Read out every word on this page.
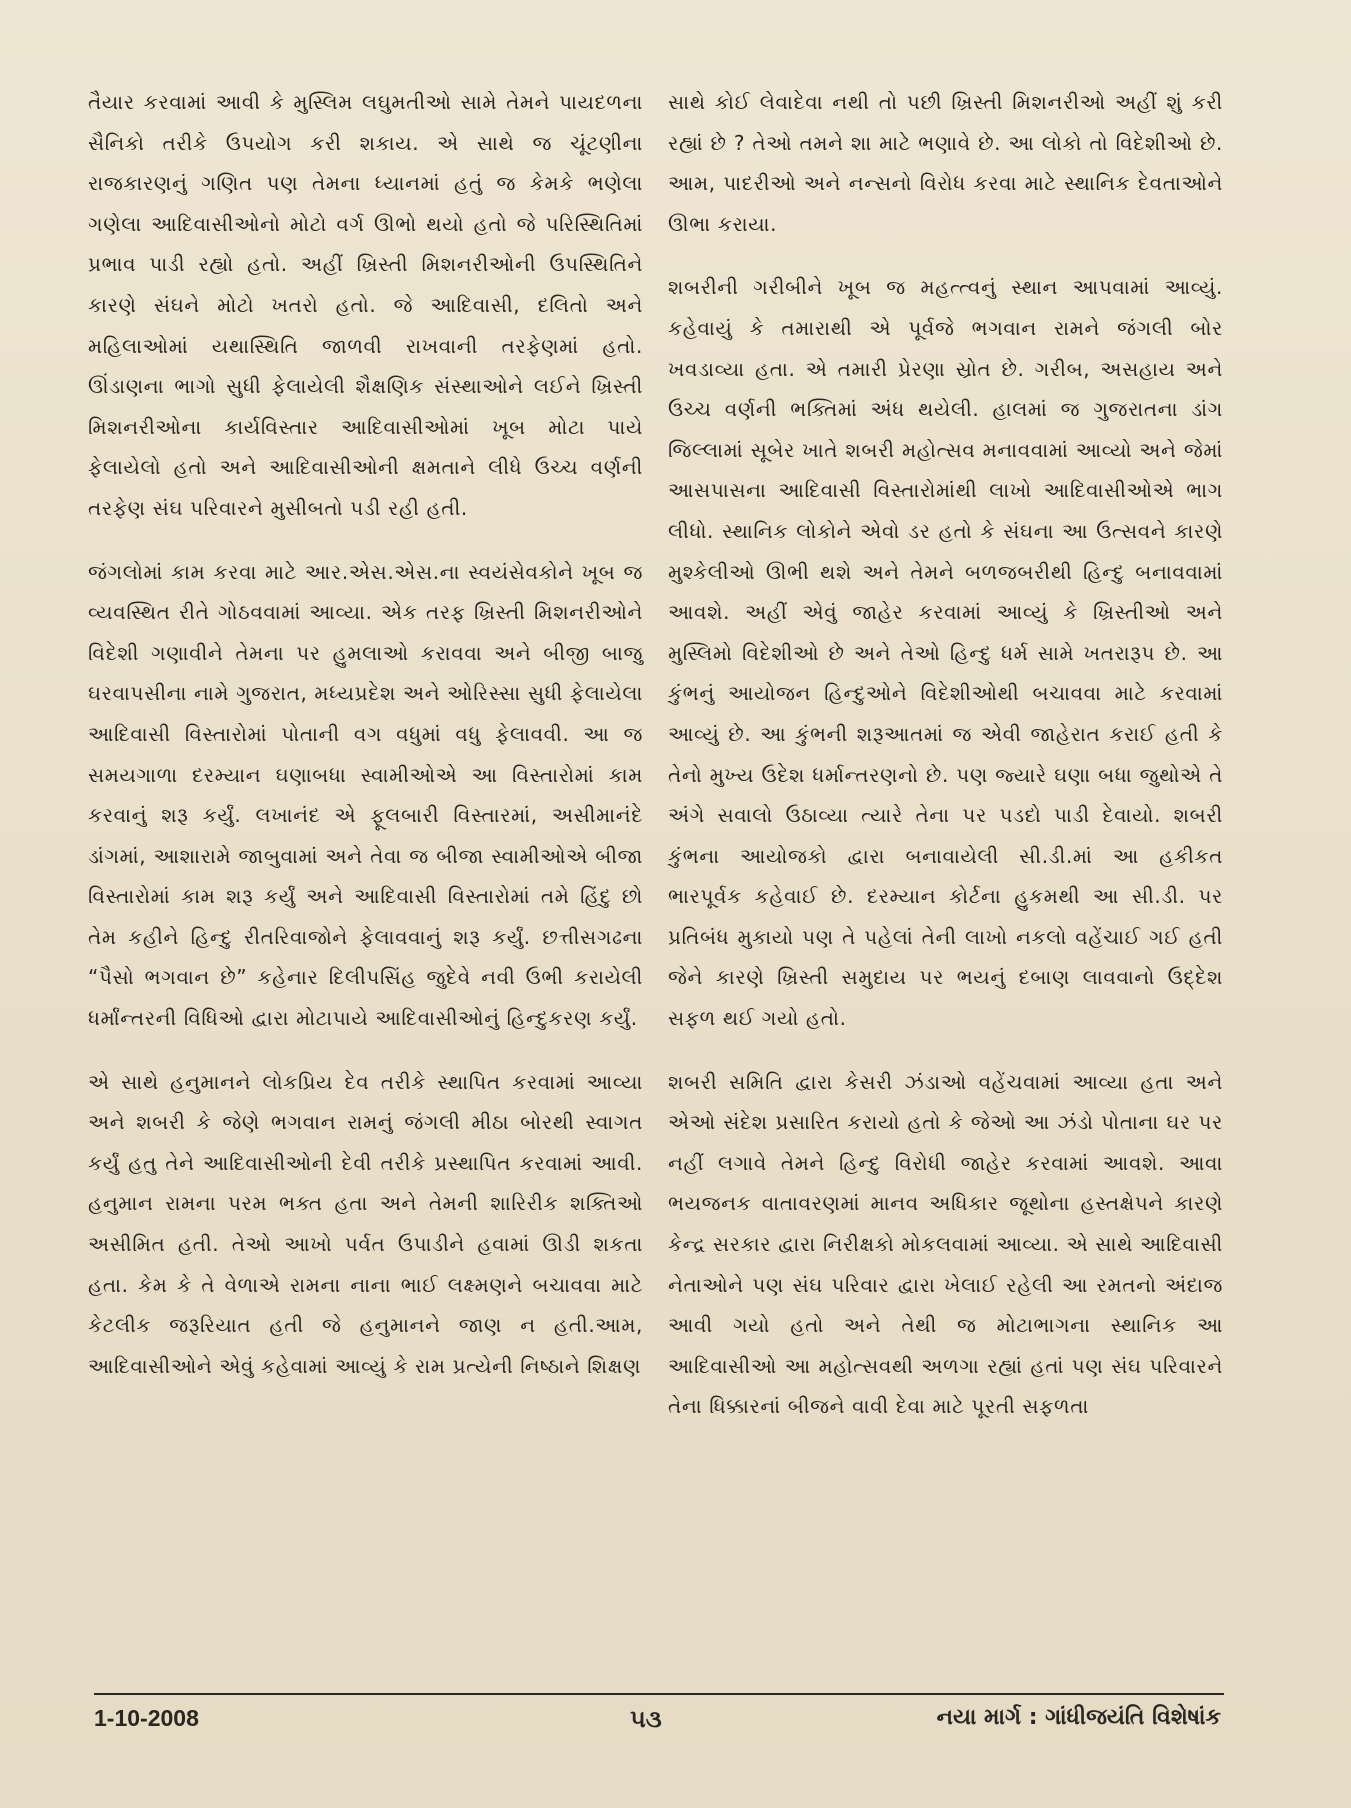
તૈયાર કરવામાં આવી કે મુસ્લિમ લઘુમતીઓ સામે તેમને પાયદળના સૈનિકો તરીકે ઉપયોગ કરી શકાય. એ સાથે જ ચૂંટણીના રાજકારણનું ગણિત પણ તેમના ધ્યાનમાં હતું જ કેમકે ભણેલા ગણેલા આદિવાસીઓનો મોટો વર્ગ ઊભો થયો હતો જે પરિસ્થિતિમાં પ્રભાવ પાડી રહ્યો હતો. અહીં ખ્રિસ્તી મિશનરીઓની ઉપસ્થિતિને કારણે સંઘને મોટો ખતરો હતો. જે આદિવાસી, દલિતો અને મહિલાઓમાં યથાસ્થિતિ જાળવી રાખવાની તરફેણમાં હતો. ઊંડાણના ભાગો સુધી ફેલાયેલી શૈક્ષણિક સંસ્થાઓને લઈને ખ્રિસ્તી મિશનરીઓના કાર્યવિસ્તાર આદિવાસીઓમાં ખૂબ મોટા પાયે ફેલાયેલો હતો અને આદિવાસીઓની ક્ષમતાને લીધે ઉચ્ચ વર્ણની તરફેણ સંઘ પરિવારને મુસીબતો પડી રહી હતી.

જંગલોમાં કામ કરવા માટે આર.એસ.એસ.ના સ્વયંસેવકોને ખૂબ જ વ્યવસ્થિત રીતે ગોઠવવામાં આવ્યા. એક તરફ ખ્રિસ્તી મિશનરીઓને વિદેશી ગણાવીને તેમના પર હુમલાઓ કરાવવા અને બીજી બાજુ ઘરવાપસીના નામે ગુજરાત, મધ્યપ્રદેશ અને ઓરિસ્સા સુધી ફેલાયેલા આદિવાસી વિસ્તારોમાં પોતાની વગ વધુમાં વધુ ફેલાવવી. આ જ સમયગાળા દરમ્યાન ઘણાબધા સ્વામીઓએ આ વિસ્તારોમાં કામ કરવાનું શરૂ કર્યું. લખાનંદ એ ફૂલબારી વિસ્તારમાં, અસીમાનંદે ડાંગમાં, આશારામે જાબુવામાં અને તેવા જ બીજા સ્વામીઓએ બીજા વિસ્તારોમાં કામ શરૂ કર્યું અને આદિવાસી વિસ્તારોમાં તમે હિંદુ છો તેમ કહીને હિન્દુ રીતરિવાજોને ફેલાવવાનું શરૂ કર્યું. છત્તીસગઢના “પૈસો ભગવાન છે” કહેનાર દિલીપસિંહ જુદેવે નવી ઉભી કરાયેલી ધર્માંન્તરની વિધિઓ દ્વારા મોટાપાયે આદિવાસીઓનું હિન્દુકરણ કર્યું.

એ સાથે હનુમાનને લોકપ્રિય દેવ તરીકે સ્થાપિત કરવામાં આવ્યા અને શબરી કે જેણે ભગવાન રામનું જંગલી મીઠા બોરથી સ્વાગત કર્યું હતુ તેને આદિવાસીઓની દેવી તરીકે પ્રસ્થાપિત કરવામાં આવી. હનુમાન રામના પરમ ભક્ત હતા અને તેમની શારિરીક શક્તિઓ અસીમિત હતી. તેઓ આખો પર્વત ઉપાડીને હવામાં ઊડી શકતા હતા. કેમ કે તે વેળાએ રામના નાના ભાઈ લક્ષ્મણને બચાવવા માટે કેટલીક જરૂરિયાત હતી જે હનુમાનને જાણ ન હતી.આમ, આદિવાસીઓને એવું કહેવામાં આવ્યું કે રામ પ્રત્યેની નિષ્ઠાને શિક્ષણ

સાથે કોઈ લેવાદેવા નથી તો પછી ખ્રિસ્તી મિશનરીઓ અહીં શું કરી રહ્યાં છે ? તેઓ તમને શા માટે ભણાવે છે. આ લોકો તો વિદેશીઓ છે. આમ, પાદરીઓ અને નન્સનો વિરોધ કરવા માટે સ્થાનિક દેવતાઓને ઊભા કરાયા.

શબરીની ગરીબીને ખૂબ જ મહત્ત્વનું સ્થાન આપવામાં આવ્યું. કહેવાયું કે તમારાથી એ પૂર્વજે ભગવાન રામને જંગલી બોર ખવડાવ્યા હતા. એ તમારી પ્રેરણા સ્રોત છે. ગરીબ, અસહાય અને ઉચ્ચ વર્ણની ભક્તિમાં અંધ થયેલી. હાલમાં જ ગુજરાતના ડાંગ જિલ્લામાં સૂબેર ખાતે શબરી મહોત્સવ મનાવવામાં આવ્યો અને જેમાં આસપાસના આદિવાસી વિસ્તારોમાંથી લાખો આદિવાસીઓએ ભાગ લીધો. સ્થાનિક લોકોને એવો ડર હતો કે સંઘના આ ઉત્સવને કારણે મુશ્કેલીઓ ઊભી થશે અને તેમને બળજબરીથી હિન્દુ બનાવવામાં આવશે. અહીં એવું જાહેર કરવામાં આવ્યું કે ખ્રિસ્તીઓ અને મુસ્લિમો વિદેશીઓ છે અને તેઓ હિન્દુ ધર્મ સામે ખતરારૂપ છે. આ કુંભનું આયોજન હિન્દુઓને વિદેશીઓથી બચાવવા માટે કરવામાં આવ્યું છે. આ કુંભની શરૂઆતમાં જ એવી જાહેરાત કરાઈ હતી કે તેનો મુખ્ય ઉદેશ ધર્માન્તરણનો છે. પણ જ્યારે ઘણા બધા જુથોએ તે અંગે સવાલો ઉઠાવ્યા ત્યારે તેના પર પડદો પાડી દેવાયો. શબરી કુંભના આયોજકો દ્વારા બનાવાયેલી સી.ડી.માં આ હકીકત ભારપૂર્વક કહેવાઈ છે. દરમ્યાન કોર્ટના હુકમથી આ સી.ડી. પર પ્રતિબંધ મુકાયો પણ તે પહેલાં તેની લાખો નકલો વહેંચાઈ ગઈ હતી જેને કારણે ખ્રિસ્તી સમુદાય પર ભયનું દબાણ લાવવાનો ઉદ્દેશ સફળ થઈ ગયો હતો.

શબરી સમિતિ દ્વારા કેસરી ઝંડાઓ વહેંચવામાં આવ્યા હતા અને એઓ સંદેશ પ્રસારિત કરાયો હતો કે જેઓ આ ઝંડો પોતાના ઘર પર નહીં લગાવે તેમને હિન્દુ વિરોધી જાહેર કરવામાં આવશે. આવા ભયજનક વાતાવરણમાં માનવ અધિકાર જૂથોના હસ્તક્ષેપને કારણે કેન્દ્ર સરકાર દ્વારા નિરીક્ષકો મોકલવામાં આવ્યા. એ સાથે આદિવાસી નેતાઓને પણ સંઘ પરિવાર દ્વારા ખેલાઈ રહેલી આ રમતનો અંદાજ આવી ગયો હતો અને તેથી જ મોટાભાગના સ્થાનિક આ આદિવાસીઓ આ મહોત્સવથી અળગા રહ્યાં હતાં પણ સંઘ પરિવારને તેના ધિક્કારનાં બીજને વાવી દેવા માટે પૂરતી સફળતા

1-10-2008	૫૩	નયા માર્ગ : ગાંધીજયંતિ વિશેષાંક
